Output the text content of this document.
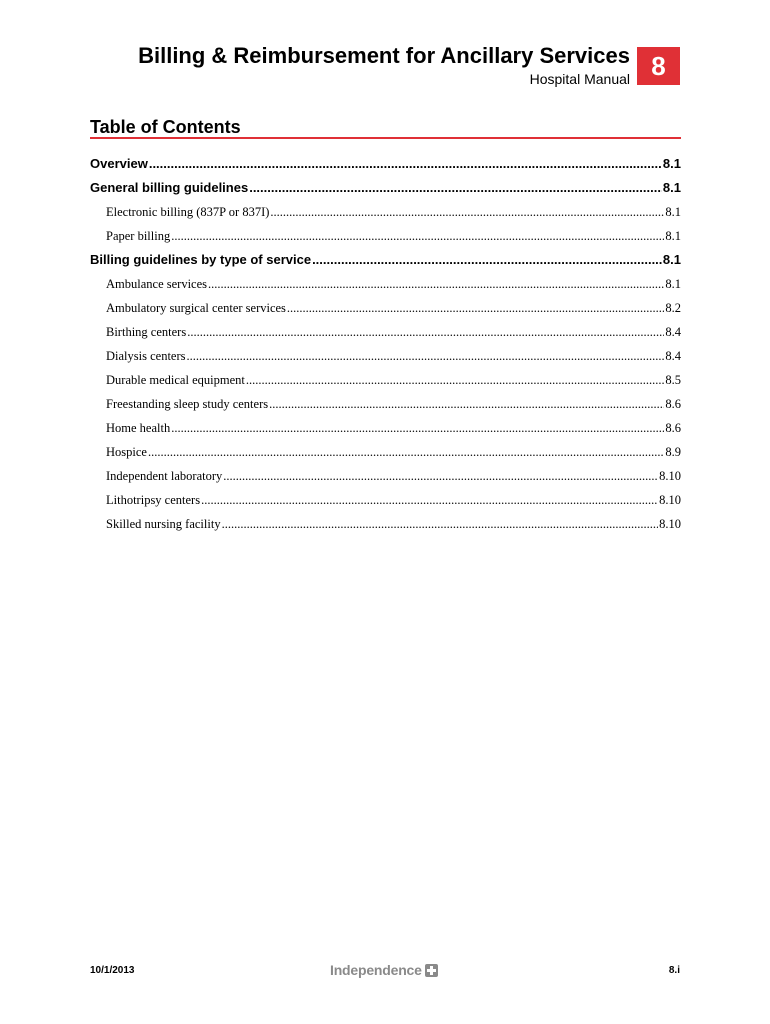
Billing & Reimbursement for Ancillary Services
Hospital Manual 8
Table of Contents
Overview .....	8.1
General billing guidelines .....	8.1
Electronic billing (837P or 837I) .....	8.1
Paper billing .....	8.1
Billing guidelines by type of service .....	8.1
Ambulance services .....	8.1
Ambulatory surgical center services .....	8.2
Birthing centers .....	8.4
Dialysis centers .....	8.4
Durable medical equipment .....	8.5
Freestanding sleep study centers .....	8.6
Home health .....	8.6
Hospice .....	8.9
Independent laboratory .....	8.10
Lithotripsy centers .....	8.10
Skilled nursing facility .....	8.10
10/1/2013	Independence	8.i
